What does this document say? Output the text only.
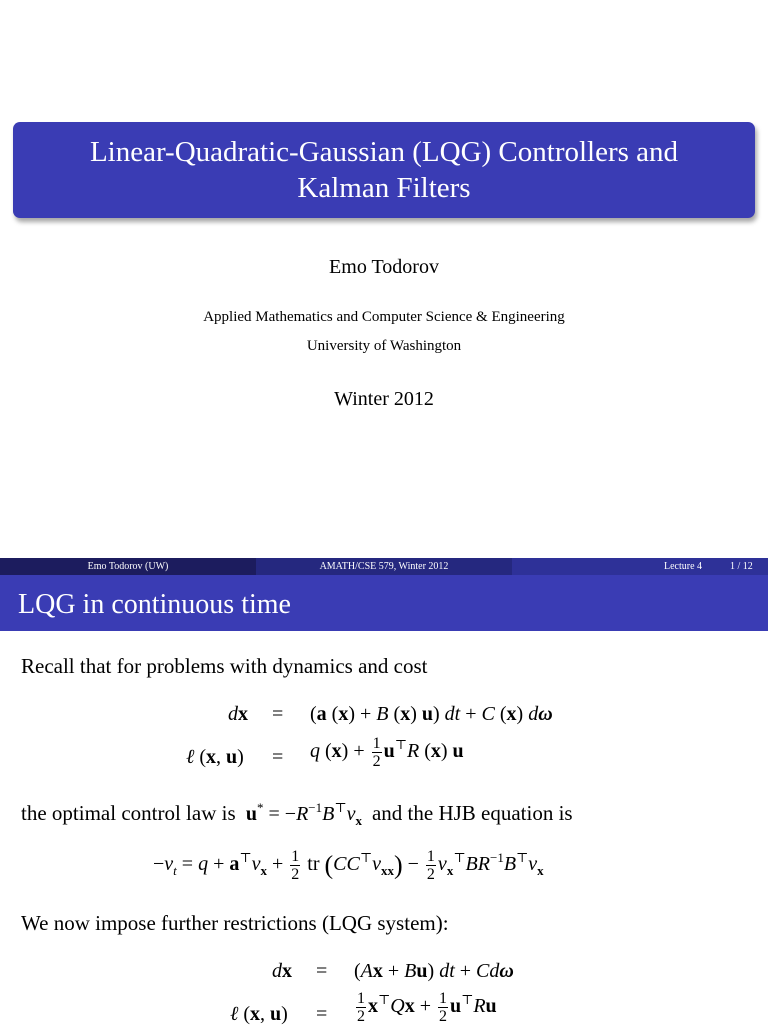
Linear-Quadratic-Gaussian (LQG) Controllers and
Kalman Filters
Emo Todorov
Applied Mathematics and Computer Science & Engineering
University of Washington
Winter 2012
Emo Todorov (UW)	AMATH/CSE 579, Winter 2012	Lecture 4	1 / 12
LQG in continuous time
Recall that for problems with dynamics and cost
dx = (a (x) + B (x) u) dt + C (x) dω
ℓ (x, u) = q $(x) + \frac{1}{2} u^⊤R$ (x) u
the optimal control law is $u^* = -R^{-1}B^⊤v_x$ and the HJB equation is
$-v_t = q + a^⊤v_x + \frac{1}{2}$ tr $(CC^⊤v_{xx}) - \frac{1}{2} v_x^⊤BR^{-1}B^⊤v_x$
We now impose further restrictions (LQG system):
dx = (Ax + Bu) dt + Cdω
ℓ (x, $u) = \frac{1}{2} x^⊤Qx + \frac{1}{2} u^⊤Ru$
